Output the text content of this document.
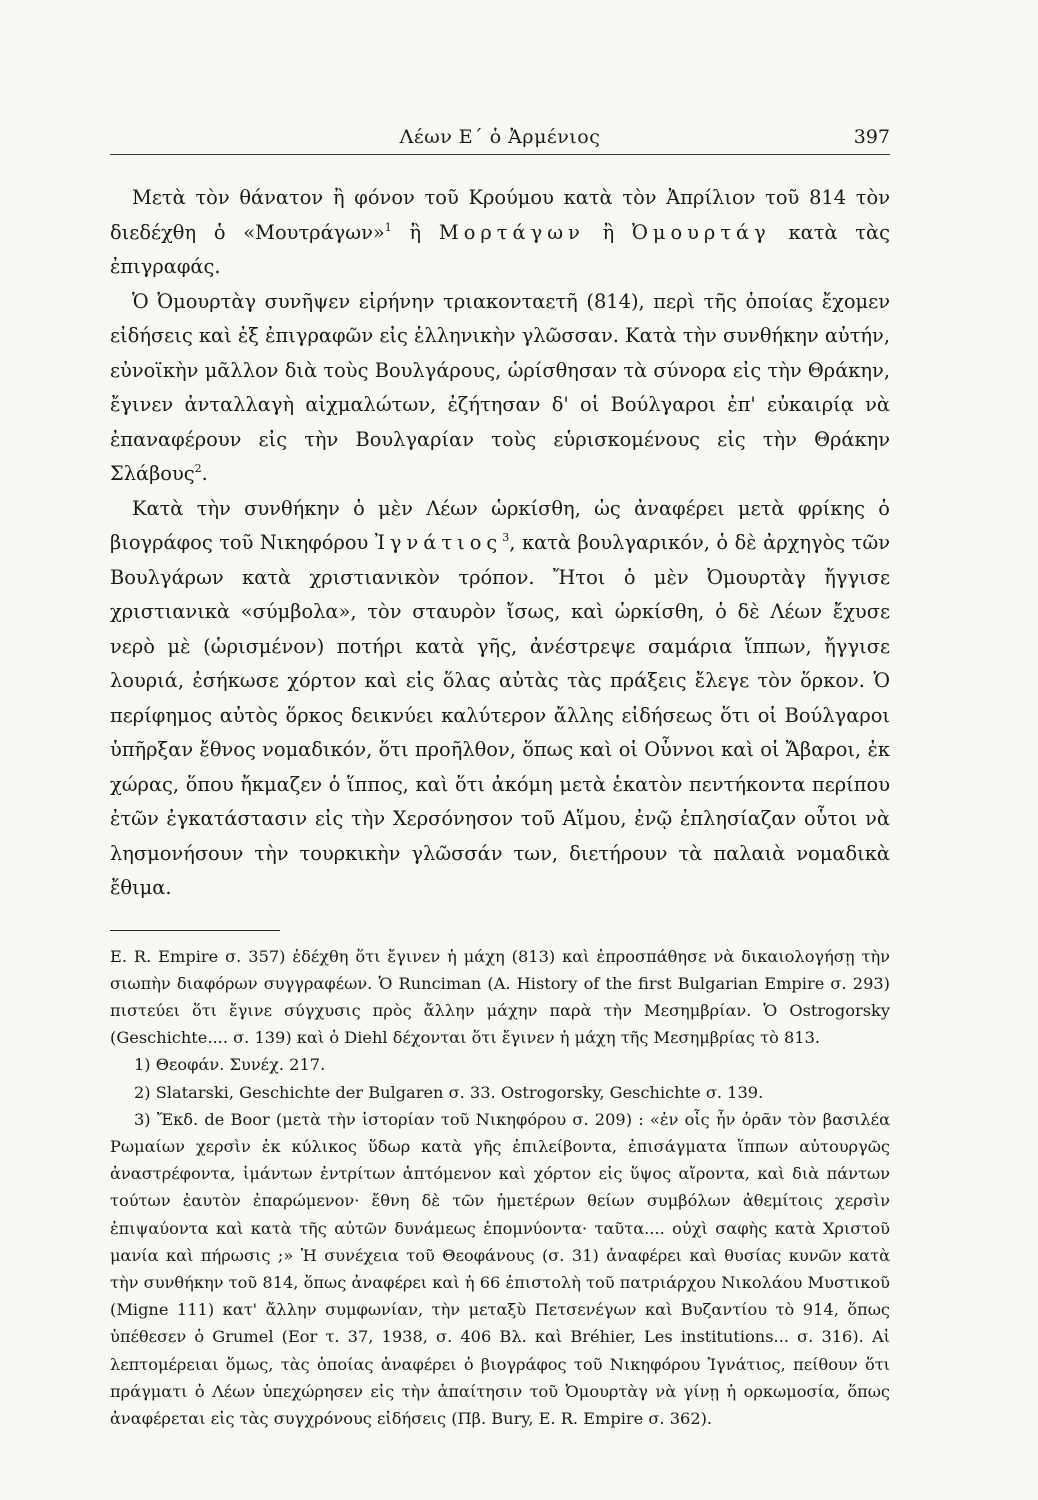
Λέων Ε΄ ὁ Ἀρμένιος	397

Μετὰ τὸν θάνατον ἢ φόνον τοῦ Κρούμου κατὰ τὸν Ἀπρίλιον τοῦ 814 τὸν διεδέχθη ὁ «Μουτράγων»$^1$ ἢ Μορτάγων ἢ Ὀμουρτάγ κατὰ τὰς ἐπιγραφάς.

Ὁ Ὀμουρτὰγ συνῆψεν εἰρήνην τριακονταετῆ (814), περὶ τῆς ὁποίας ἔχομεν εἰδήσεις καὶ ἐξ ἐπιγραφῶν εἰς ἑλληνικὴν γλῶσσαν. Κατὰ τὴν συνθήκην αὐτήν, εὐνοϊκὴν μᾶλλον διὰ τοὺς Βουλγάρους, ὡρίσθησαν τὰ σύνορα εἰς τὴν Θράκην, ἔγινεν ἀνταλλαγὴ αἰχμαλώτων, ἐζήτησαν δ' οἱ Βούλγαροι ἐπ' εὐκαιρίᾳ νὰ ἐπαναφέρουν εἰς τὴν Βουλγαρίαν τοὺς εὑρισκομένους εἰς τὴν Θράκην Σλάβους$^2$.

Κατὰ τὴν συνθήκην ὁ μὲν Λέων ὡρκίσθη, ὡς ἀναφέρει μετὰ φρίκης ὁ βιογράφος τοῦ Νικηφόρου Ἰγνάτιος$^3$, κατὰ βουλγαρικόν, ὁ δὲ ἀρχηγὸς τῶν Βουλγάρων κατὰ χριστιανικὸν τρόπον. Ἤτοι ὁ μὲν Ὀμουρτὰγ ἤγγισε χριστιανικὰ «σύμβολα», τὸν σταυρὸν ἴσως, καὶ ὡρκίσθη, ὁ δὲ Λέων ἔχυσε νερὸ μὲ (ὡρισμένον) ποτήρι κατὰ γῆς, ἀνέστρεψε σαμάρια ἵππων, ἤγγισε λουριά, ἐσήκωσε χόρτον καὶ εἰς ὅλας αὐτὰς τὰς πράξεις ἔλεγε τὸν ὅρκον. Ὁ περίφημος αὐτὸς ὅρκος δεικνύει καλύτερον ἄλλης εἰδήσεως ὅτι οἱ Βούλγαροι ὑπῆρξαν ἔθνος νομαδικόν, ὅτι προῆλθον, ὅπως καὶ οἱ Οὖννοι καὶ οἱ Ἄβαροι, ἐκ χώρας, ὅπου ἤκμαζεν ὁ ἵππος, καὶ ὅτι ἀκόμη μετὰ ἑκατὸν πεντήκοντα περίπου ἐτῶν ἐγκατάστασιν εἰς τὴν Χερσόνησον τοῦ Αἵμου, ἐνῷ ἐπλησίαζαν οὗτοι νὰ λησμονήσουν τὴν τουρκικὴν γλῶσσάν των, διετήρουν τὰ παλαιὰ νομαδικὰ ἔθιμα.

E. R. Empire σ. 357) ἐδέχθη ὅτι ἔγινεν ἡ μάχη (813) καὶ ἐπροσπάθησε νὰ δικαιολογήσῃ τὴν σιωπὴν διαφόρων συγγραφέων. Ὁ Runciman (A. History of the first Bulgarian Empire σ. 293) πιστεύει ὅτι ἔγινε σύγχυσις πρὸς ἄλλην μάχην παρὰ τὴν Μεσημβρίαν. Ὁ Ostrogorsky (Geschichte.... σ. 139) καὶ ὁ Diehl δέχονται ὅτι ἔγινεν ἡ μάχη τῆς Μεσημβρίας τὸ 813.

1) Θεοφάν. Συνέχ. 217.

2) Slatarski, Geschichte der Bulgaren σ. 33. Ostrogorsky, Geschichte σ. 139.

3) Ἔκδ. de Boor (μετὰ τὴν ἱστορίαν τοῦ Νικηφόρου σ. 209) : «ἐν οἷς ἦν ὁρᾶν τὸν βασιλέα Ρωμαίων χερσὶν ἐκ κύλικος ὕδωρ κατὰ γῆς ἐπιλείβοντα, ἐπισάγματα ἵππων αὐτουργῶς ἀναστρέφοντα, ἱμάντων ἐντρίτων ἁπτόμενον καὶ χόρτον εἰς ὕψος αἴροντα, καὶ διὰ πάντων τούτων ἑαυτὸν ἐπαρώμενον· ἔθνη δὲ τῶν ἡμετέρων θείων συμβόλων ἀθεμίτοις χερσὶν ἐπιψαύοντα καὶ κατὰ τῆς αὐτῶν δυνάμεως ἐπομνύοντα· ταῦτα.... οὐχὶ σαφὴς κατὰ Χριστοῦ μανία καὶ πήρωσις ;» Ἡ συνέχεια τοῦ Θεοφάνους (σ. 31) ἀναφέρει καὶ θυσίας κυνῶν κατὰ τὴν συνθήκην τοῦ 814, ὅπως ἀναφέρει καὶ ἡ 66 ἐπιστολὴ τοῦ πατριάρχου Νικολάου Μυστικοῦ (Migne 111) κατ' ἄλλην συμφωνίαν, τὴν μεταξὺ Πετσενέγων καὶ Βυζαντίου τὸ 914, ὅπως ὑπέθεσεν ὁ Grumel (Eor τ. 37, 1938, σ. 406 Βλ. καὶ Bréhier, Les institutions... σ. 316). Αἱ λεπτομέρειαι ὅμως, τὰς ὁποίας ἀναφέρει ὁ βιογράφος τοῦ Νικηφόρου Ἰγνάτιος, πείθουν ὅτι πράγματι ὁ Λέων ὑπεχώρησεν εἰς τὴν ἀπαίτησιν τοῦ Ὀμουρτὰγ νὰ γίνῃ ἡ ορκωμοσία, ὅπως ἀναφέρεται εἰς τὰς συγχρόνους εἰδήσεις (Πβ. Bury, E. R. Empire σ. 362).
